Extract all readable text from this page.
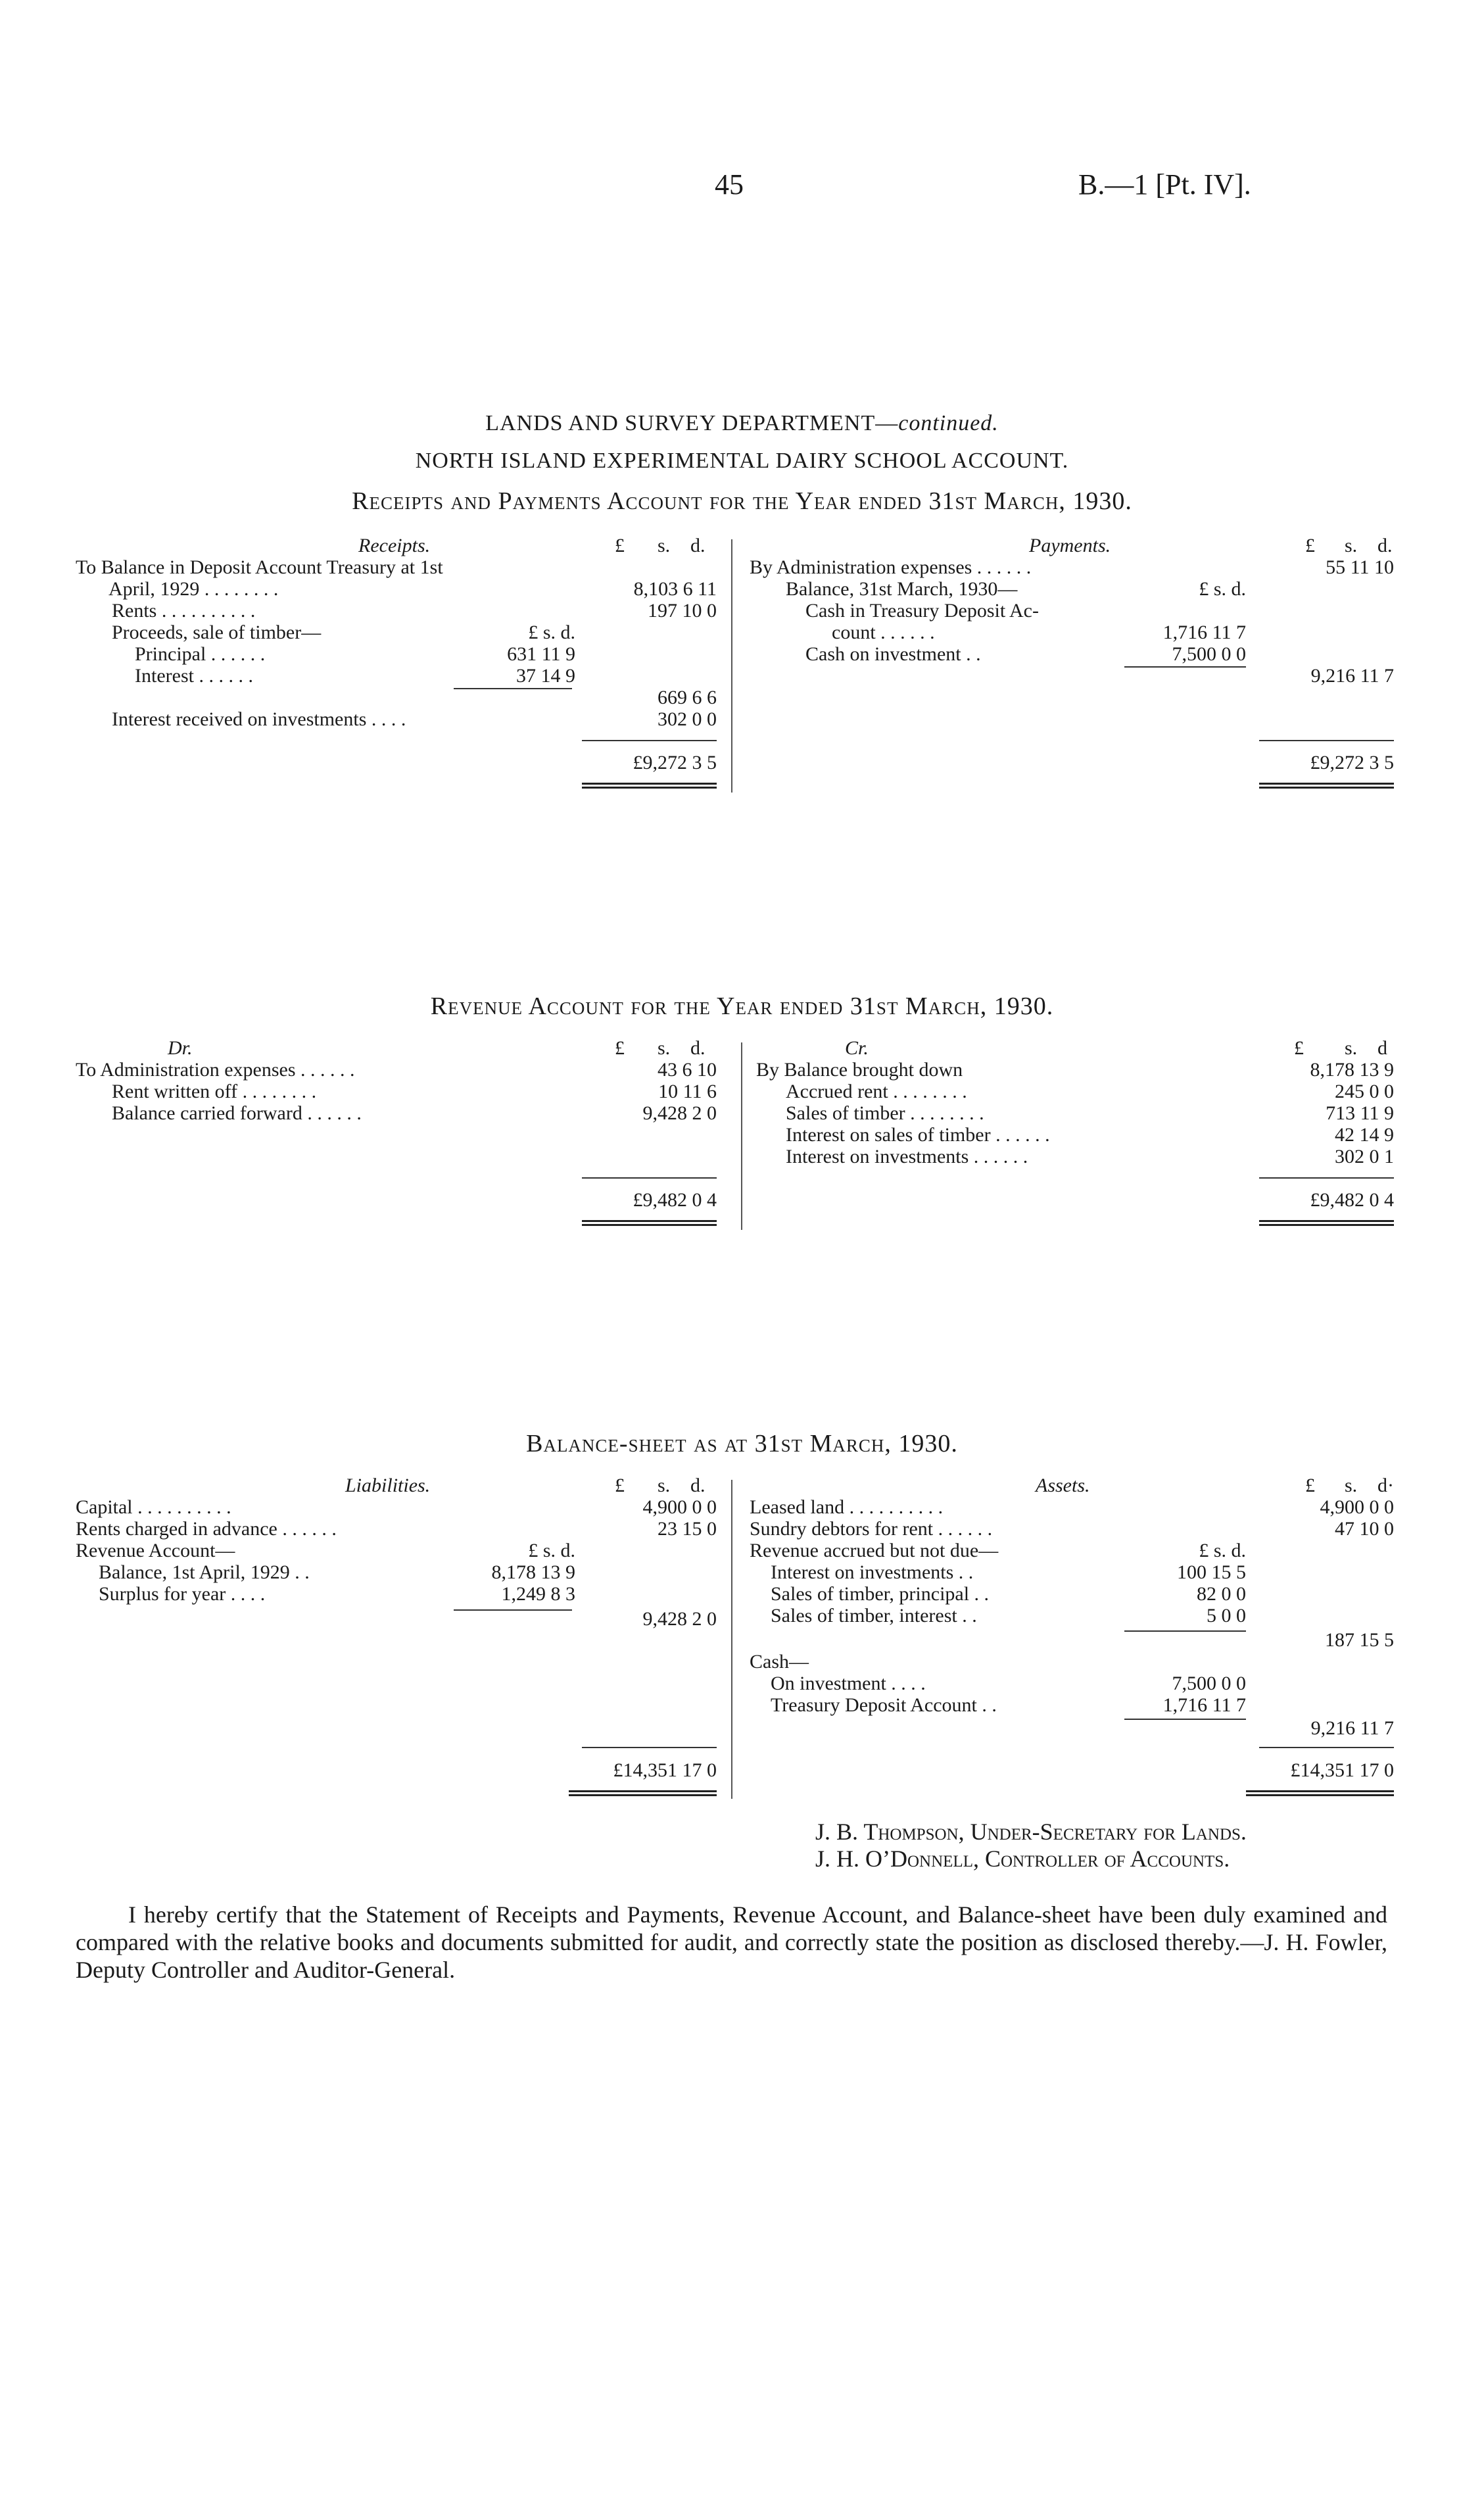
45	B.—1 [Pt. IV].
LANDS AND SURVEY DEPARTMENT—continued.
NORTH ISLAND EXPERIMENTAL DAIRY SCHOOL ACCOUNT.
Receipts and Payments Account for the Year ended 31st March, 1930.
Receipts.	£ s. d.	Payments.	£ s. d.
To Balance in Deposit Account Treasury at 1st
April, 1929 . . . . . . . .	8,103 6 11
Rents . . . . . . . . . .	197 10 0
Proceeds, sale of timber—	£ s. d.
Principal . . . . . .	631 11 9
Interest . . . . . .	37 14 9
669 6 6
Interest received on investments . . . .	302 0 0
£9,272 3 5
By Administration expenses . . . . . .	55 11 10
Balance, 31st March, 1930—	£ s. d.
Cash in Treasury Deposit Ac-
count . . . . . .	1,716 11 7
Cash on investment . .	7,500 0 0
9,216 11 7
£9,272 3 5
Revenue Account for the Year ended 31st March, 1930.
Dr.	£ s. d.	Cr.	£ s. d
To Administration expenses . . . . . .	43 6 10
Rent written off . . . . . . . .	10 11 6
Balance carried forward . . . . . .	9,428 2 0
£9,482 0 4
By Balance brought down	8,178 13 9
Accrued rent . . . . . . . .	245 0 0
Sales of timber . . . . . . . .	713 11 9
Interest on sales of timber . . . . . .	42 14 9
Interest on investments . . . . . .	302 0 1
£9,482 0 4
Balance-sheet as at 31st March, 1930.
Liabilities.	£ s. d.	Assets.	£ s. d·
Capital . . . . . . . . . .	4,900 0 0
Rents charged in advance . . . . . .	23 15 0
Revenue Account—	£ s. d.
Balance, 1st April, 1929 . .	8,178 13 9
Surplus for year . . . .	1,249 8 3
9,428 2 0
£14,351 17 0
Leased land . . . . . . . . . .	4,900 0 0
Sundry debtors for rent . . . . . .	47 10 0
Revenue accrued but not due—	£ s. d.
Interest on investments . .	100 15 5
Sales of timber, principal . .	82 0 0
Sales of timber, interest . .	5 0 0
187 15 5
Cash—
On investment . . . .	7,500 0 0
Treasury Deposit Account . .	1,716 11 7
9,216 11 7
£14,351 17 0
J. B. Thompson, Under-Secretary for Lands.
J. H. O’Donnell, Controller of Accounts.
I hereby certify that the Statement of Receipts and Payments, Revenue Account, and Balance-sheet have been duly examined and compared with the relative books and documents submitted for audit, and correctly state the position as disclosed thereby.—J. H. Fowler, Deputy Controller and Auditor-General.
